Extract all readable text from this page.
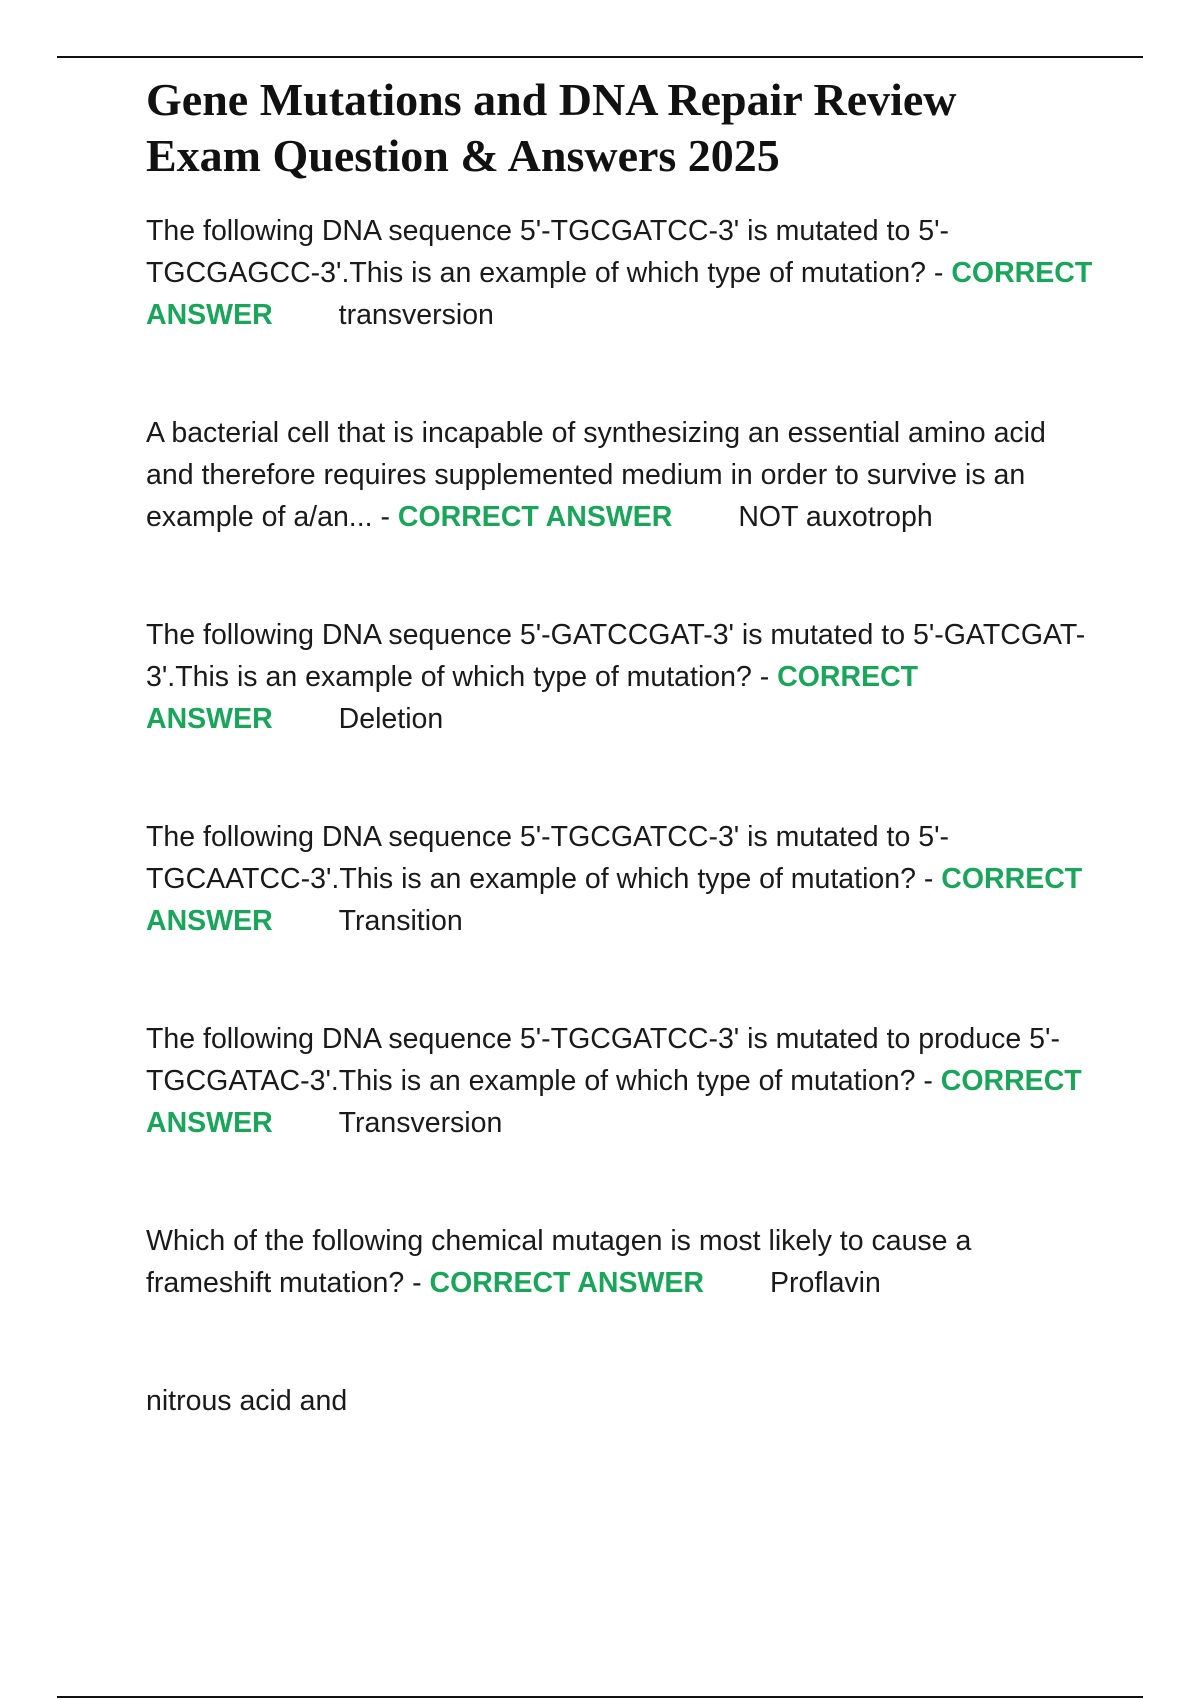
Gene Mutations and DNA Repair Review
Exam Question & Answers 2025

The following DNA sequence 5'-TGCGATCC-3' is mutated to 5'-TGCGAGCC-3'.This is an example of which type of mutation? - CORRECT ANSWER transversion

A bacterial cell that is incapable of synthesizing an essential amino acid and therefore requires supplemented medium in order to survive is an example of a/an... - CORRECT ANSWER NOT auxotroph

The following DNA sequence 5'-GATCCGAT-3' is mutated to 5'-GATCGAT-3'.This is an example of which type of mutation? - CORRECT ANSWER Deletion

The following DNA sequence 5'-TGCGATCC-3' is mutated to 5'-TGCAATCC-3'.This is an example of which type of mutation? - CORRECT ANSWER Transition

The following DNA sequence 5'-TGCGATCC-3' is mutated to produce 5'-TGCGATAC-3'.This is an example of which type of mutation? - CORRECT ANSWER Transversion

Which of the following chemical mutagen is most likely to cause a frameshift mutation? - CORRECT ANSWER Proflavin

nitrous acid and
